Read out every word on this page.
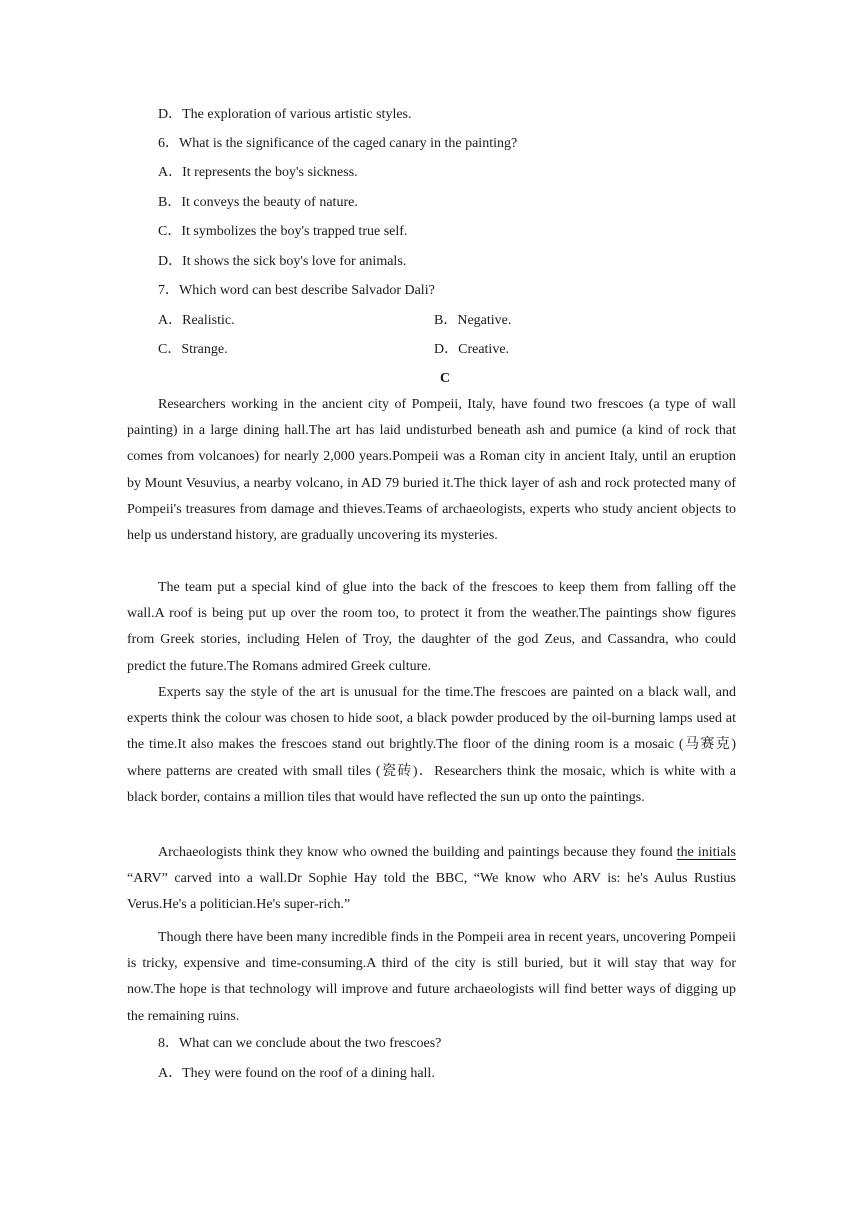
D．The exploration of various artistic styles.
6．What is the significance of the caged canary in the painting?
A．It represents the boy's sickness.
B．It conveys the beauty of nature.
C．It symbolizes the boy's trapped true self.
D．It shows the sick boy's love for animals.
7．Which word can best describe Salvador Dali?
A．Realistic.	B．Negative.
C．Strange.	D．Creative.
C
Researchers working in the ancient city of Pompeii, Italy, have found two frescoes (a type of wall painting) in a large dining hall.The art has laid undisturbed beneath ash and pumice (a kind of rock that comes from volcanoes) for nearly 2,000 years.Pompeii was a Roman city in ancient Italy, until an eruption by Mount Vesuvius, a nearby volcano, in AD 79 buried it.The thick layer of ash and rock protected many of Pompeii's treasures from damage and thieves.Teams of archaeologists, experts who study ancient objects to help us understand history, are gradually uncovering its mysteries.
The team put a special kind of glue into the back of the frescoes to keep them from falling off the wall.A roof is being put up over the room too, to protect it from the weather.The paintings show figures from Greek stories, including Helen of Troy, the daughter of the god Zeus, and Cassandra, who could predict the future.The Romans admired Greek culture.
Experts say the style of the art is unusual for the time.The frescoes are painted on a black wall, and experts think the colour was chosen to hide soot, a black powder produced by the oil-burning lamps used at the time.It also makes the frescoes stand out brightly.The floor of the dining room is a mosaic (马赛克) where patterns are created with small tiles (瓷砖)．Researchers think the mosaic, which is white with a black border, contains a million tiles that would have reflected the sun up onto the paintings.
Archaeologists think they know who owned the building and paintings because they found the initials “ARV” carved into a wall.Dr Sophie Hay told the BBC, “We know who ARV is: he's Aulus Rustius Verus.He's a politician.He's super-rich.”
Though there have been many incredible finds in the Pompeii area in recent years, uncovering Pompeii is tricky, expensive and time-consuming.A third of the city is still buried, but it will stay that way for now.The hope is that technology will improve and future archaeologists will find better ways of digging up the remaining ruins.
8．What can we conclude about the two frescoes?
A．They were found on the roof of a dining hall.
